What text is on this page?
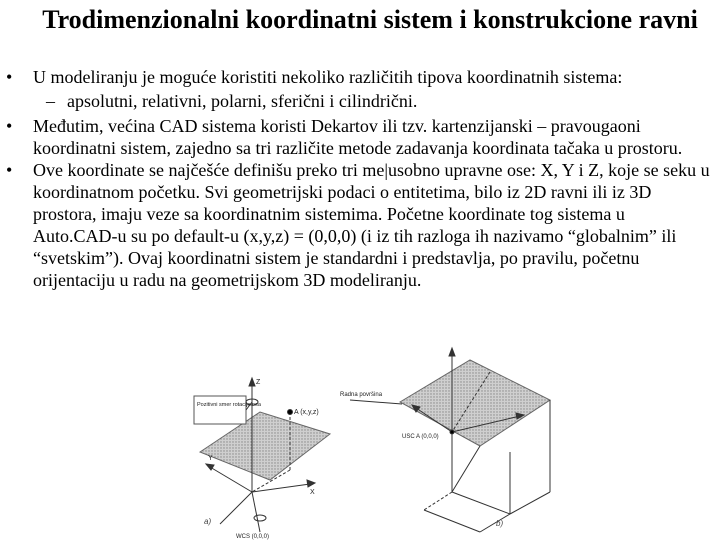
Trodimenzionalni koordinatni sistem i konstrukcione ravni
•	U modeliranju je moguće koristiti nekoliko različitih tipova koordinatnih sistema:
– apsolutni, relativni, polarni, sferični i cilindrični.
•	Međutim, većina CAD sistema koristi Dekartov ili tzv. kartenzijanski – pravougaoni koordinatni sistem, zajedno sa tri različite metode zadavanja koordinata tačaka u prostoru.
•	Ove koordinate se najčešće definišu preko tri me|usobno upravne ose: X, Y i Z, koje se seku u koordinatnom početku. Svi geometrijski podaci o entitetima, bilo iz 2D ravni ili iz 3D prostora, imaju veze sa koordinatnim sistemima. Početne koordinate tog sistema u Auto.CAD-u su po default-u (x,y,z) = (0,0,0) (i iz tih razloga ih nazivamo “globalnim” ili “svetskim”). Ovaj koordinatni sistem je standardni i predstavlja, po pravilu, početnu orijentaciju u radu na geometrijskom 3D modeliranju.
Pozitivni smer rotacije osa
A (x,y,z)
Z
Y
X
WCS (0,0,0)
a)
Radna površina
USC A (0,0,0)
b)
